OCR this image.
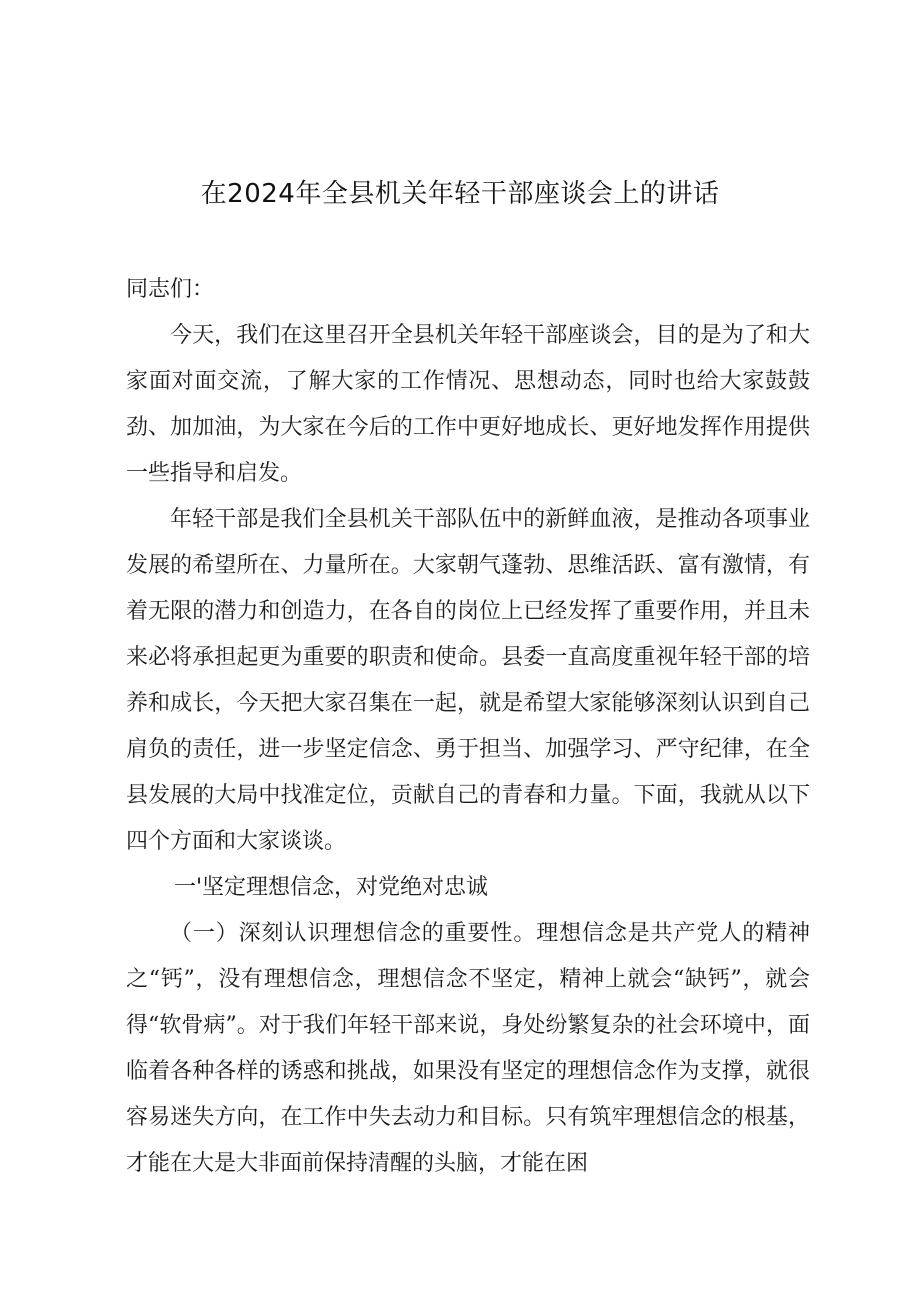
在2024年全县机关年轻干部座谈会上的讲话

同志们：

今天，我们在这里召开全县机关年轻干部座谈会，目的是为了和大家面对面交流，了解大家的工作情况、思想动态，同时也给大家鼓鼓劲、加加油，为大家在今后的工作中更好地成长、更好地发挥作用提供一些指导和启发。

年轻干部是我们全县机关干部队伍中的新鲜血液，是推动各项事业发展的希望所在、力量所在。大家朝气蓬勃、思维活跃、富有激情，有着无限的潜力和创造力，在各自的岗位上已经发挥了重要作用，并且未来必将承担起更为重要的职责和使命。县委一直高度重视年轻干部的培养和成长，今天把大家召集在一起，就是希望大家能够深刻认识到自己肩负的责任，进一步坚定信念、勇于担当、加强学习、严守纪律，在全县发展的大局中找准定位，贡献自己的青春和力量。下面，我就从以下四个方面和大家谈谈。

一'坚定理想信念，对党绝对忠诚

（一）深刻认识理想信念的重要性。理想信念是共产党人的精神之“钙”，没有理想信念，理想信念不坚定，精神上就会“缺钙”，就会得“软骨病”。对于我们年轻干部来说，身处纷繁复杂的社会环境中，面临着各种各样的诱惑和挑战，如果没有坚定的理想信念作为支撑，就很容易迷失方向，在工作中失去动力和目标。只有筑牢理想信念的根基，才能在大是大非面前保持清醒的头脑，才能在困
